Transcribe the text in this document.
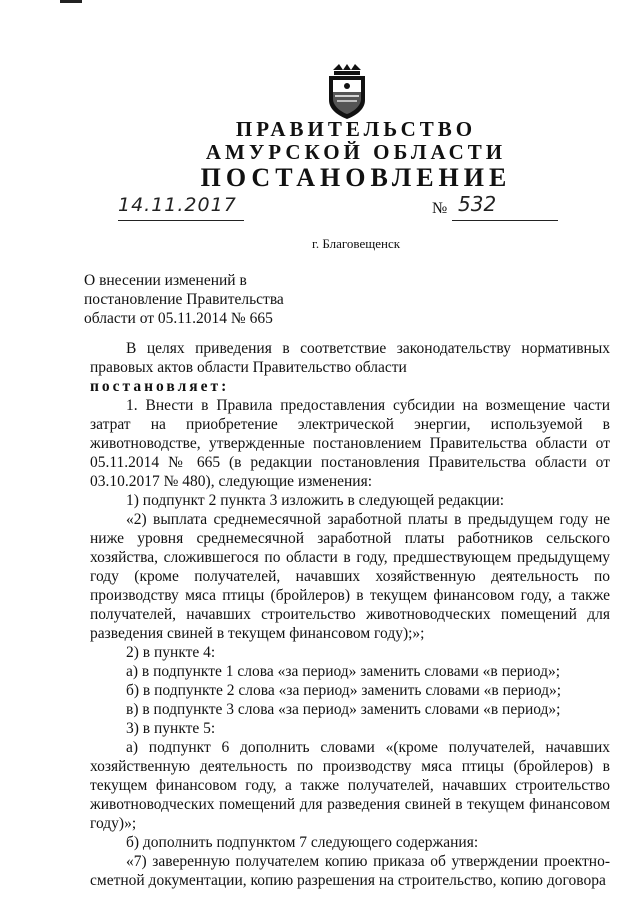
ПРАВИТЕЛЬСТВО
АМУРСКОЙ ОБЛАСТИ
ПОСТАНОВЛЕНИЕ
14.11.2017	№ 532
г. Благовещенск
О внесении изменений в
постановление Правительства
области от 05.11.2014 № 665

В целях приведения в соответствие законодательству нормативных правовых актов области Правительство области

постановляет:

1. Внести в Правила предоставления субсидии на возмещение части затрат на приобретение электрической энергии, используемой в животноводстве, утвержденные постановлением Правительства области от 05.11.2014 № 665 (в редакции постановления Правительства области от 03.10.2017 № 480), следующие изменения:

1) подпункт 2 пункта 3 изложить в следующей редакции:

«2) выплата среднемесячной заработной платы в предыдущем году не ниже уровня среднемесячной заработной платы работников сельского хозяйства, сложившегося по области в году, предшествующем предыдущему году (кроме получателей, начавших хозяйственную деятельность по производству мяса птицы (бройлеров) в текущем финансовом году, а также получателей, начавших строительство животноводческих помещений для разведения свиней в текущем финансовом году);»;

2) в пункте 4:

а) в подпункте 1 слова «за период» заменить словами «в период»;

б) в подпункте 2 слова «за период» заменить словами «в период»;

в) в подпункте 3 слова «за период» заменить словами «в период»;

3) в пункте 5:

а) подпункт 6 дополнить словами «(кроме получателей, начавших хозяйственную деятельность по производству мяса птицы (бройлеров) в текущем финансовом году, а также получателей, начавших строительство животноводческих помещений для разведения свиней в текущем финансовом году)»;

б) дополнить подпунктом 7 следующего содержания:

«7) заверенную получателем копию приказа об утверждении проектно-сметной документации, копию разрешения на строительство, копию договора
